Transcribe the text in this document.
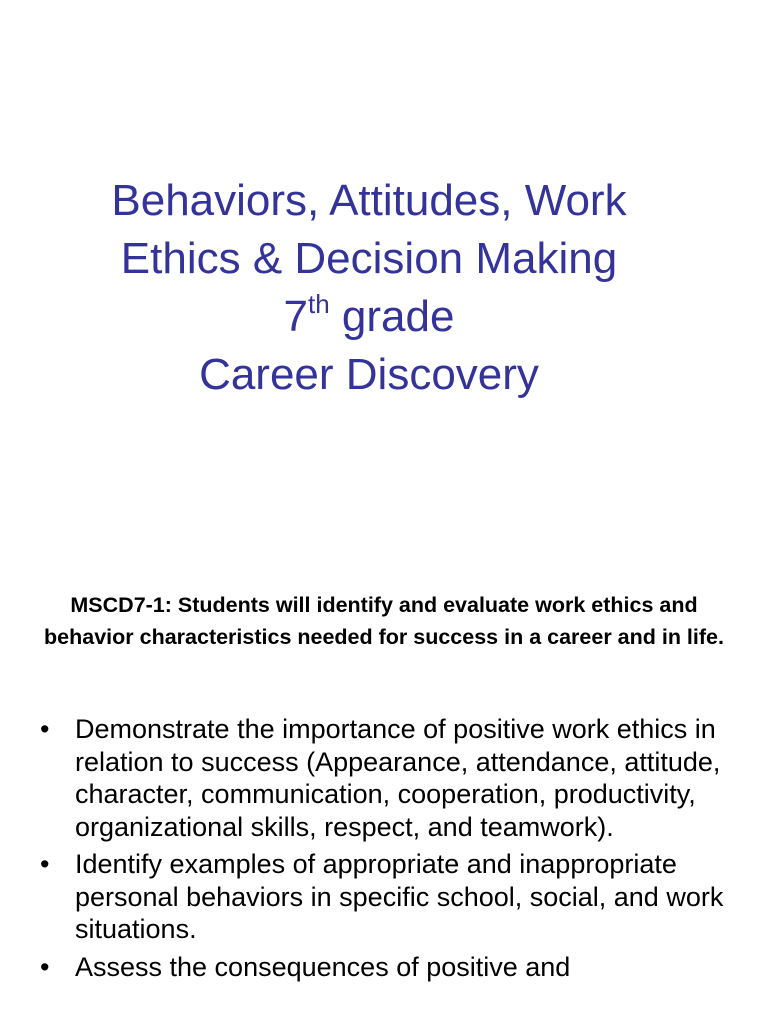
Behaviors, Attitudes, Work
Ethics & Decision Making
7th grade
Career Discovery
MSCD7-1: Students will identify and evaluate work ethics and behavior characteristics needed for success in a career and in life.
• Demonstrate the importance of positive work ethics in relation to success (Appearance, attendance, attitude, character, communication, cooperation, productivity, organizational skills, respect, and teamwork).
• Identify examples of appropriate and inappropriate personal behaviors in specific school, social, and work situations.
• Assess the consequences of positive and
